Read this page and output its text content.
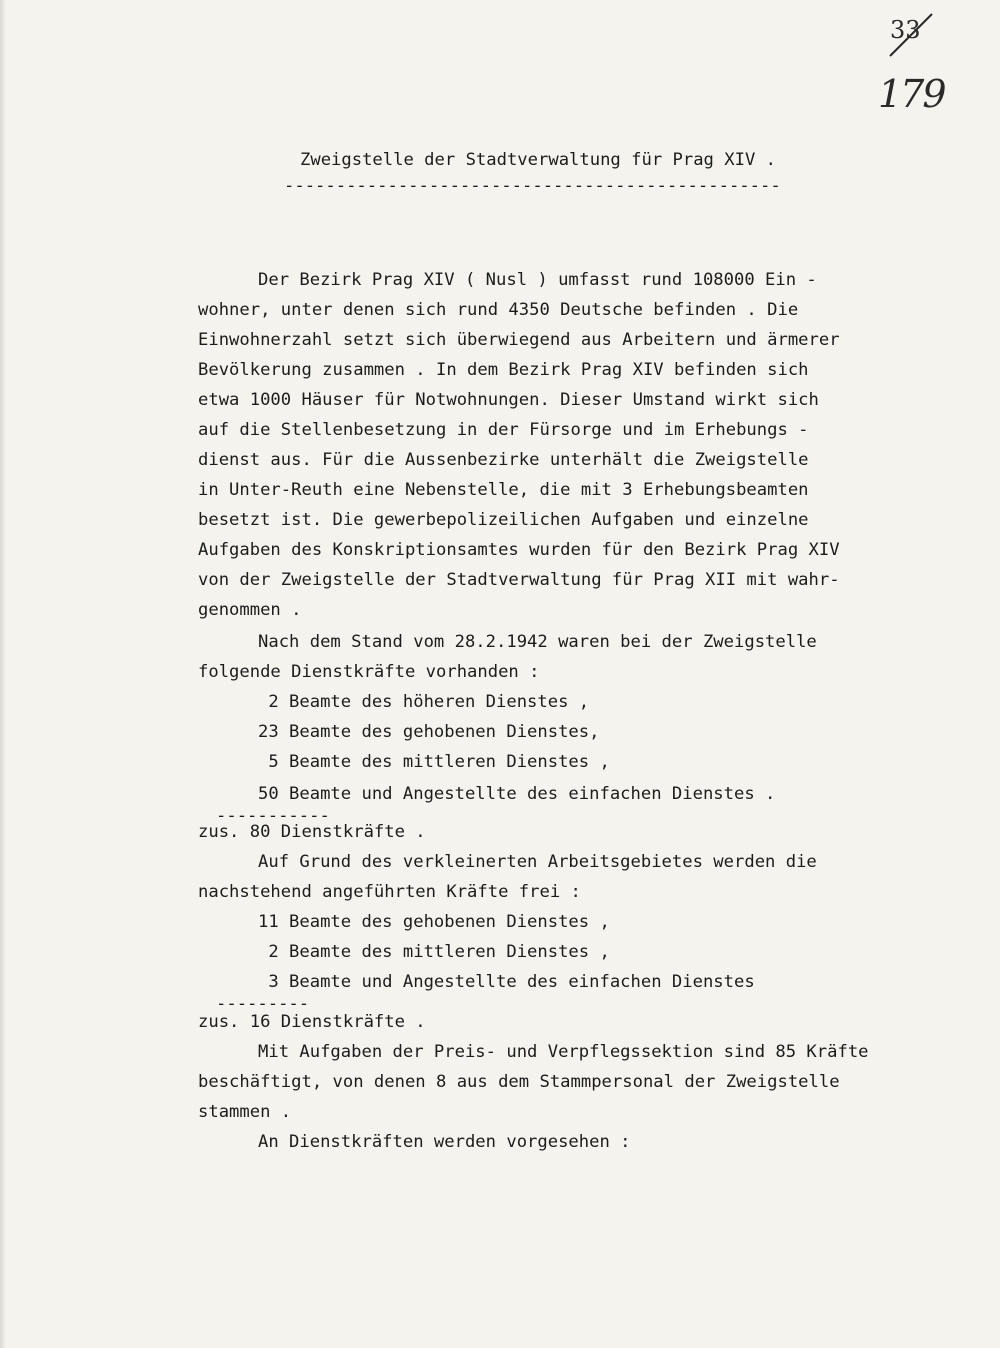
33
179
Zweigstelle der Stadtverwaltung für Prag XIV .
------------------------------------------------
Der Bezirk Prag XIV ( Nusl ) umfasst rund 108000 Ein -
wohner, unter denen sich rund 4350 Deutsche befinden . Die
Einwohnerzahl setzt sich überwiegend aus Arbeitern und ärmerer
Bevölkerung zusammen . In dem Bezirk Prag XIV befinden sich
etwa 1000 Häuser für Notwohnungen. Dieser Umstand wirkt sich
auf die Stellenbesetzung in der Fürsorge und im Erhebungs -
dienst aus. Für die Aussenbezirke unterhält die Zweigstelle
in Unter-Reuth eine Nebenstelle, die mit 3 Erhebungsbeamten
besetzt ist. Die gewerbepolizeilichen Aufgaben und einzelne
Aufgaben des Konskriptionsamtes wurden für den Bezirk Prag XIV
von der Zweigstelle der Stadtverwaltung für Prag XII mit wahr-
genommen .
Nach dem Stand vom 28.2.1942 waren bei der Zweigstelle
folgende Dienstkräfte vorhanden :
2 Beamte des höheren Dienstes ,
23 Beamte des gehobenen Dienstes,
5 Beamte des mittleren Dienstes ,
50 Beamte und Angestellte des einfachen Dienstes .
-----------
zus. 80 Dienstkräfte .
Auf Grund des verkleinerten Arbeitsgebietes werden die
nachstehend angeführten Kräfte frei :
11 Beamte des gehobenen Dienstes ,
2 Beamte des mittleren Dienstes ,
3 Beamte und Angestellte des einfachen Dienstes
---------
zus. 16 Dienstkräfte .
Mit Aufgaben der Preis- und Verpflegssektion sind 85 Kräfte
beschäftigt, von denen 8 aus dem Stammpersonal der Zweigstelle
stammen .
An Dienstkräften werden vorgesehen :
